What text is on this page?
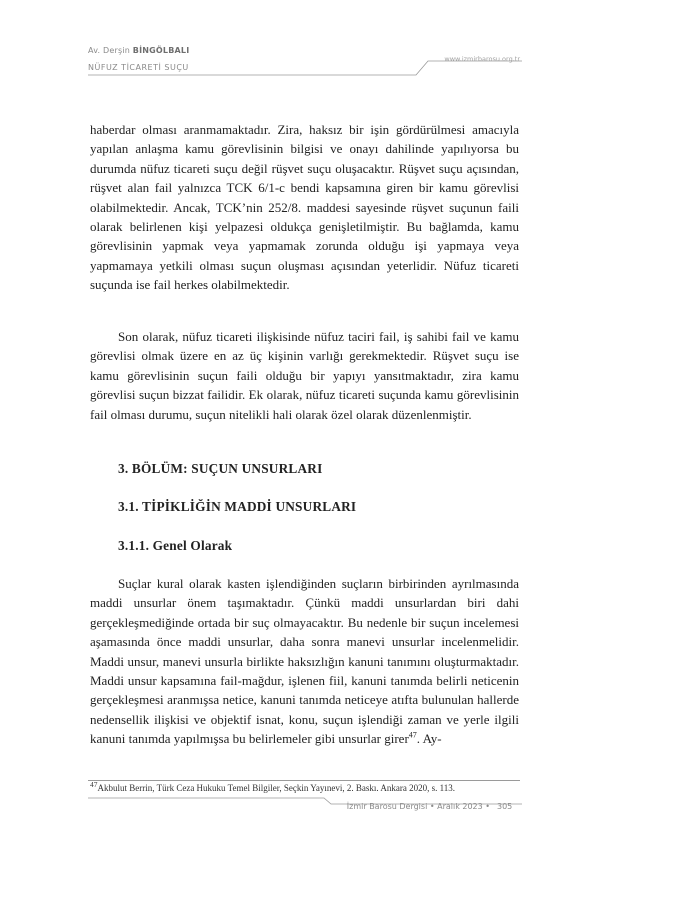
Av. Derşin BİNGÖLBALI
NÜFUZ TİCARETİ SUÇU
www.izmirbarosu.org.tr

haberdar olması aranmamaktadır. Zira, haksız bir işin gördürülmesi amacıyla yapılan anlaşma kamu görevlisinin bilgisi ve onayı dahilinde yapılıyorsa bu durumda nüfuz ticareti suçu değil rüşvet suçu oluşacaktır. Rüşvet suçu açısından, rüşvet alan fail yalnızca TCK 6/1-c bendi kapsamına giren bir kamu görevlisi olabilmektedir. Ancak, TCK’nin 252/8. maddesi sayesinde rüşvet suçunun faili olarak belirlenen kişi yelpazesi oldukça genişletilmiştir. Bu bağlamda, kamu görevlisinin yapmak veya yapmamak zorunda olduğu işi yapmaya veya yapmamaya yetkili olması suçun oluşması açısından yeterlidir. Nüfuz ticareti suçunda ise fail herkes olabilmektedir.

Son olarak, nüfuz ticareti ilişkisinde nüfuz taciri fail, iş sahibi fail ve kamu görevlisi olmak üzere en az üç kişinin varlığı gerekmektedir. Rüşvet suçu ise kamu görevlisinin suçun faili olduğu bir yapıyı yansıtmaktadır, zira kamu görevlisi suçun bizzat failidir. Ek olarak, nüfuz ticareti suçunda kamu görevlisinin fail olması durumu, suçun nitelikli hali olarak özel olarak düzenlenmiştir.

3. BÖLÜM: SUÇUN UNSURLARI
3.1. TİPİKLİĞİN MADDİ UNSURLARI
3.1.1. Genel Olarak

Suçlar kural olarak kasten işlendiğinden suçların birbirinden ayrılmasında maddi unsurlar önem taşımaktadır. Çünkü maddi unsurlardan biri dahi gerçekleşmediğinde ortada bir suç olmayacaktır. Bu nedenle bir suçun incelemesi aşamasında önce maddi unsurlar, daha sonra manevi unsurlar incelenmelidir. Maddi unsur, manevi unsurla birlikte haksızlığın kanuni tanımını oluşturmaktadır. Maddi unsur kapsamına fail-mağdur, işlenen fiil, kanuni tanımda belirli neticenin gerçekleşmesi aranmışsa netice, kanuni tanımda neticeye atıfta bulunulan hallerde nedensellik ilişkisi ve objektif isnat, konu, suçun işlendiği zaman ve yerle ilgili kanuni tanımda yapılmışsa bu belirlemeler gibi unsurlar girer$^{47}$. Ay-

$^{47}$Akbulut Berrin, Türk Ceza Hukuku Temel Bilgiler, Seçkin Yayınevi, 2. Baskı. Ankara 2020, s. 113.
İzmir Barosu Dergisi • Aralık 2023 • 305
